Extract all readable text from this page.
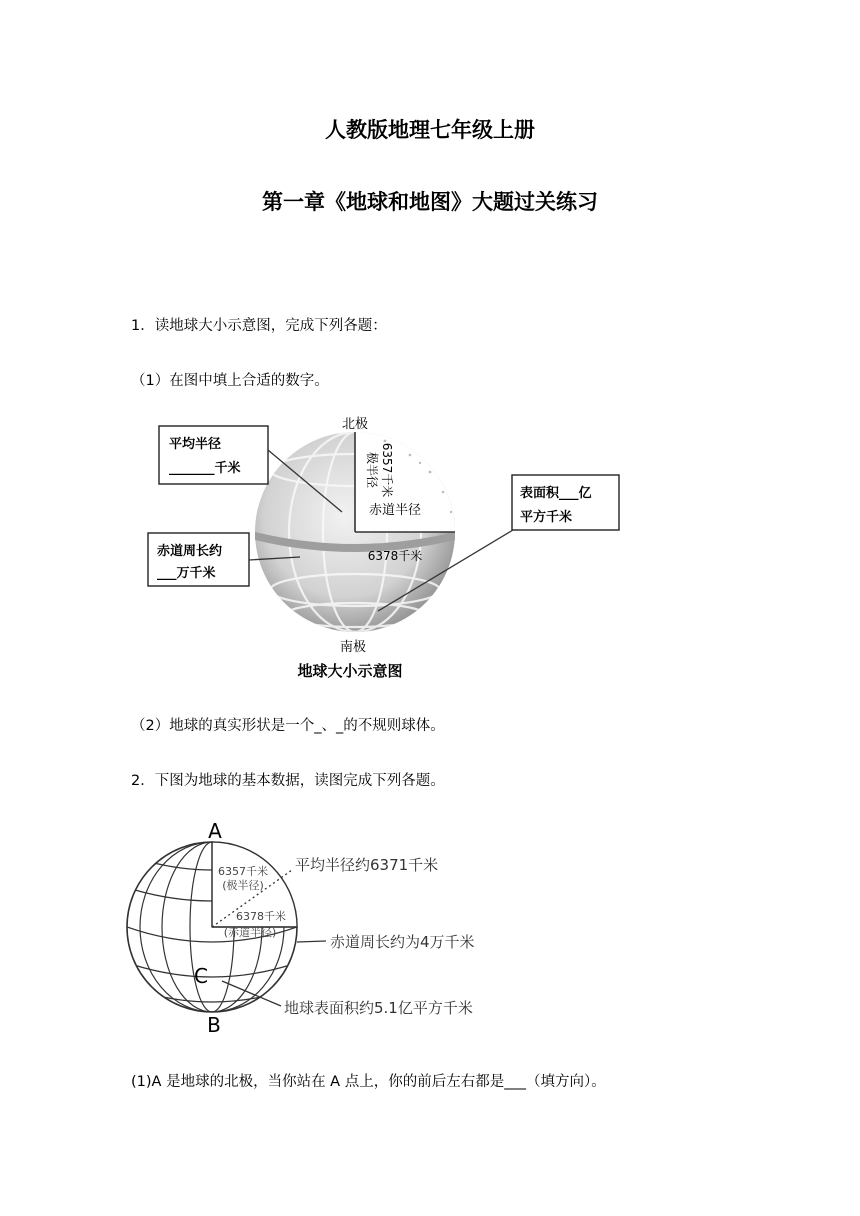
人教版地理七年级上册
第一章《地球和地图》大题过关练习
1．读地球大小示意图，完成下列各题：
（1）在图中填上合适的数字。
北极
南极
极半径 6357千米
赤道半径
6378千米
平均半径
_______千米
赤道周长约
___万千米
表面积___亿
平方千米
地球大小示意图
（2）地球的真实形状是一个_、_的不规则球体。
2．下图为地球的基本数据，读图完成下列各题。
A
B
C
6357千米
(极半径)
6378千米
(赤道半径)
平均半径约6371千米
赤道周长约为4万千米
地球表面积约5.1亿平方千米
(1)A 是地球的北极，当你站在 A 点上，你的前后左右都是___（填方向）。
